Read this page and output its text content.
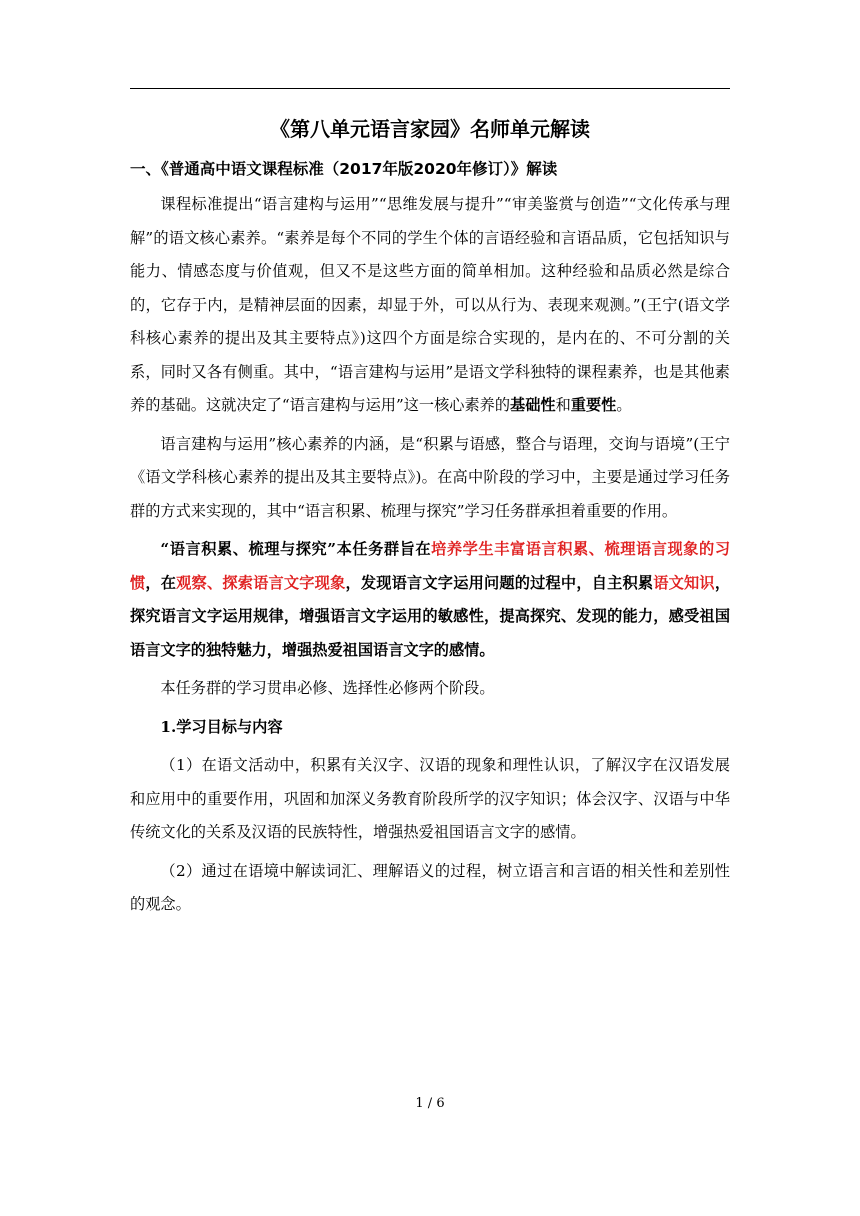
《第八单元语言家园》名师单元解读
一、《普通高中语文课程标准（2017年版2020年修订）》解读

课程标准提出“语言建构与运用”“思维发展与提升”“审美鉴赏与创造”“文化传承与理解”的语文核心素养。“素养是每个不同的学生个体的言语经验和言语品质，它包括知识与能力、情感态度与价值观，但又不是这些方面的简单相加。这种经验和品质必然是综合的，它存于内，是精神层面的因素，却显于外，可以从行为、表现来观测。”(王宁(语文学科核心素养的提出及其主要特点》)这四个方面是综合实现的，是内在的、不可分割的关系，同时又各有侧重。其中，“语言建构与运用”是语文学科独特的课程素养，也是其他素养的基础。这就决定了“语言建构与运用”这一核心素养的基础性和重要性。

语言建构与运用”核心素养的内涵，是“积累与语感，整合与语理，交询与语境”(王宁《语文学科核心素养的提出及其主要特点》)。在高中阶段的学习中，主要是通过学习任务群的方式来实现的，其中“语言积累、梳理与探究”学习任务群承担着重要的作用。

“语言积累、梳理与探究”本任务群旨在培养学生丰富语言积累、梳理语言现象的习惯，在观察、探索语言文字现象，发现语言文字运用问题的过程中，自主积累语文知识，探究语言文字运用规律，增强语言文字运用的敏感性，提高探究、发现的能力，感受祖国语言文字的独特魅力，增强热爱祖国语言文字的感情。

本任务群的学习贯串必修、选择性必修两个阶段。

1.学习目标与内容

（1）在语文活动中，积累有关汉字、汉语的现象和理性认识，了解汉字在汉语发展和应用中的重要作用，巩固和加深义务教育阶段所学的汉字知识；体会汉字、汉语与中华传统文化的关系及汉语的民族特性，增强热爱祖国语言文字的感情。

（2）通过在语境中解读词汇、理解语义的过程，树立语言和言语的相关性和差别性的观念。

1 / 6
